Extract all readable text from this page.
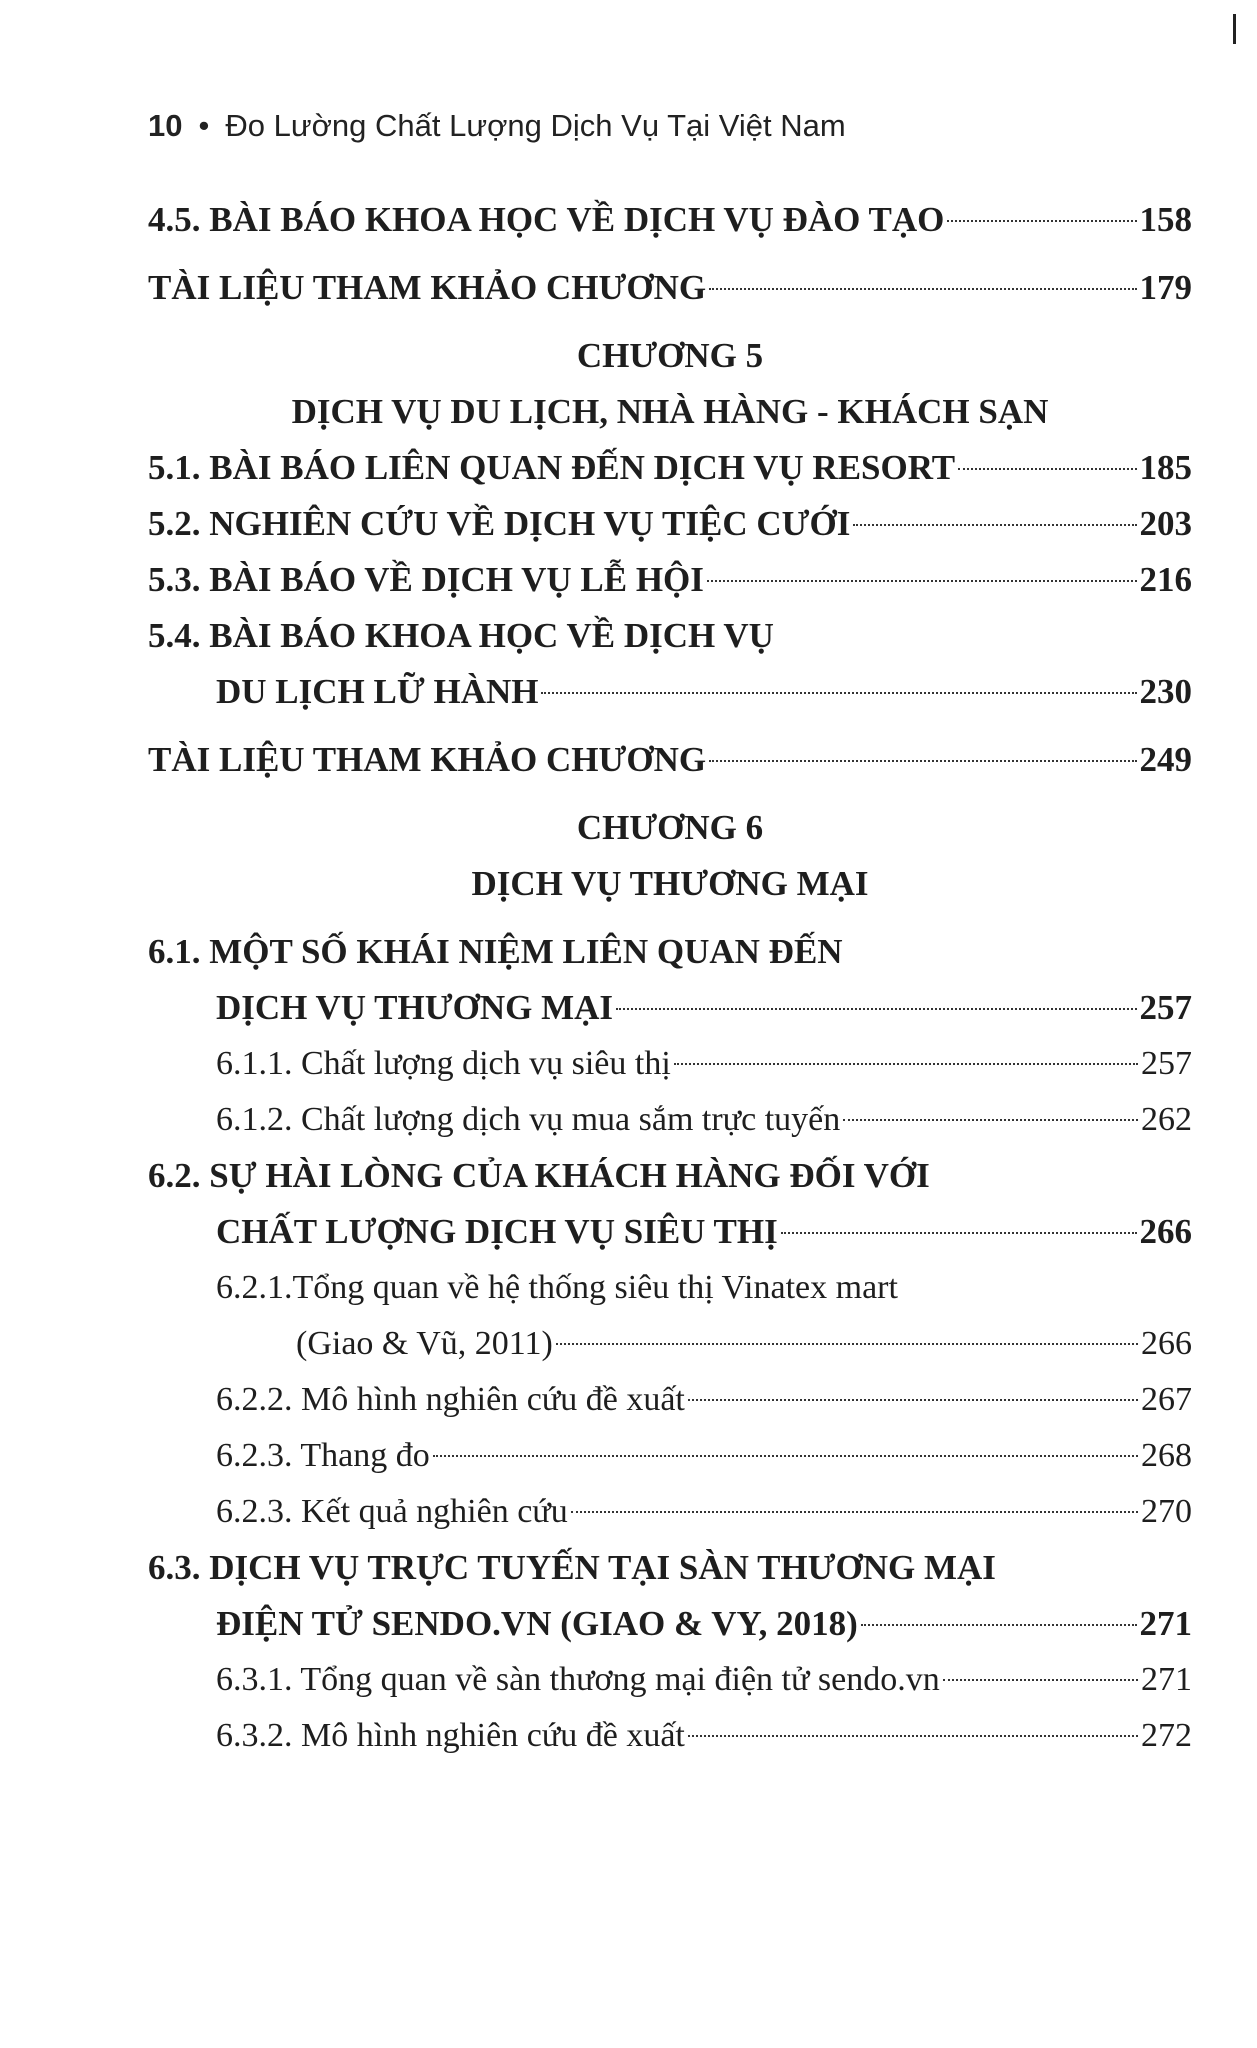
10 • Đo Lường Chất Lượng Dịch Vụ Tại Việt Nam
4.5. BÀI BÁO KHOA HỌC VỀ DỊCH VỤ ĐÀO TẠO	158
TÀI LIỆU THAM KHẢO CHƯƠNG	179
CHƯƠNG 5
DỊCH VỤ DU LỊCH, NHÀ HÀNG - KHÁCH SẠN
5.1. BÀI BÁO LIÊN QUAN ĐẾN DỊCH VỤ RESORT	185
5.2. NGHIÊN CỨU VỀ DỊCH VỤ TIỆC CƯỚI	203
5.3. BÀI BÁO VỀ DỊCH VỤ LỄ HỘI	216
5.4. BÀI BÁO KHOA HỌC VỀ DỊCH VỤ
DU LỊCH LỮ HÀNH	230
TÀI LIỆU THAM KHẢO CHƯƠNG	249
CHƯƠNG 6
DỊCH VỤ THƯƠNG MẠI
6.1. MỘT SỐ KHÁI NIỆM LIÊN QUAN ĐẾN
DỊCH VỤ THƯƠNG MẠI	257
6.1.1. Chất lượng dịch vụ siêu thị	257
6.1.2. Chất lượng dịch vụ mua sắm trực tuyến	262
6.2. SỰ HÀI LÒNG CỦA KHÁCH HÀNG ĐỐI VỚI
CHẤT LƯỢNG DỊCH VỤ SIÊU THỊ	266
6.2.1.Tổng quan về hệ thống siêu thị Vinatex mart
(Giao & Vũ, 2011)	266
6.2.2. Mô hình nghiên cứu đề xuất	267
6.2.3. Thang đo	268
6.2.3. Kết quả nghiên cứu	270
6.3. DỊCH VỤ TRỰC TUYẾN TẠI SÀN THƯƠNG MẠI
ĐIỆN TỬ SENDO.VN (GIAO & VY, 2018)	271
6.3.1. Tổng quan về sàn thương mại điện tử sendo.vn	271
6.3.2. Mô hình nghiên cứu đề xuất	272
